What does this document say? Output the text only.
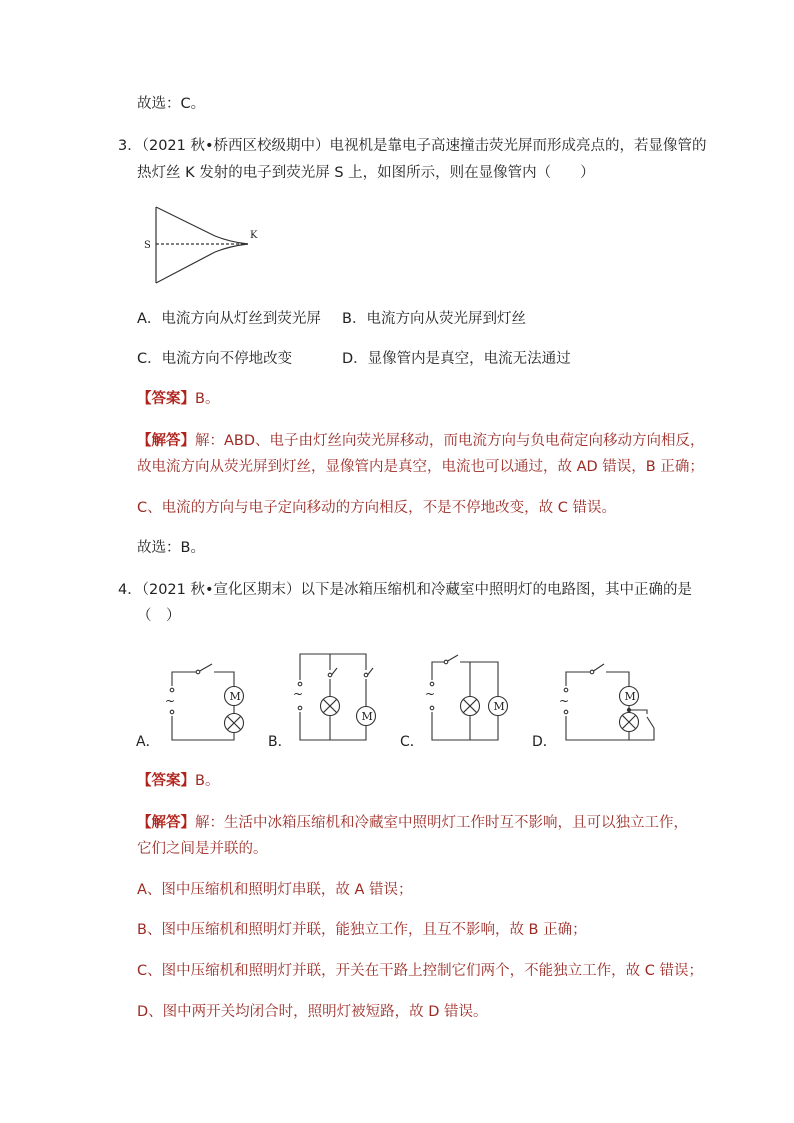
故选：C。
3．（2021 秋•桥西区校级期中）电视机是靠电子高速撞击荧光屏而形成亮点的，若显像管的
热灯丝 K 发射的电子到荧光屏 S 上，如图所示，则在显像管内（　　）
S
K
A．电流方向从灯丝到荧光屏 B．电流方向从荧光屏到灯丝
C．电流方向不停地改变	D．显像管内是真空，电流无法通过
【答案】B。
【解答】解：ABD、电子由灯丝向荧光屏移动，而电流方向与负电荷定向移动方向相反，
故电流方向从荧光屏到灯丝，显像管内是真空，电流也可以通过，故 AD 错误，B 正确；
C、电流的方向与电子定向移动的方向相反，不是不停地改变，故 C 错误。
故选：B。
4．（2021 秋•宣化区期末）以下是冰箱压缩机和冷藏室中照明灯的电路图，其中正确的是
（　）
M
~
A．
M
~
B．
M
~
C．
M
~
D．
【答案】B。
【解答】解：生活中冰箱压缩机和冷藏室中照明灯工作时互不影响，且可以独立工作，
它们之间是并联的。
A、图中压缩机和照明灯串联，故 A 错误；
B、图中压缩机和照明灯并联，能独立工作，且互不影响，故 B 正确；
C、图中压缩机和照明灯并联，开关在干路上控制它们两个，不能独立工作，故 C 错误；
D、图中两开关均闭合时，照明灯被短路，故 D 错误。
